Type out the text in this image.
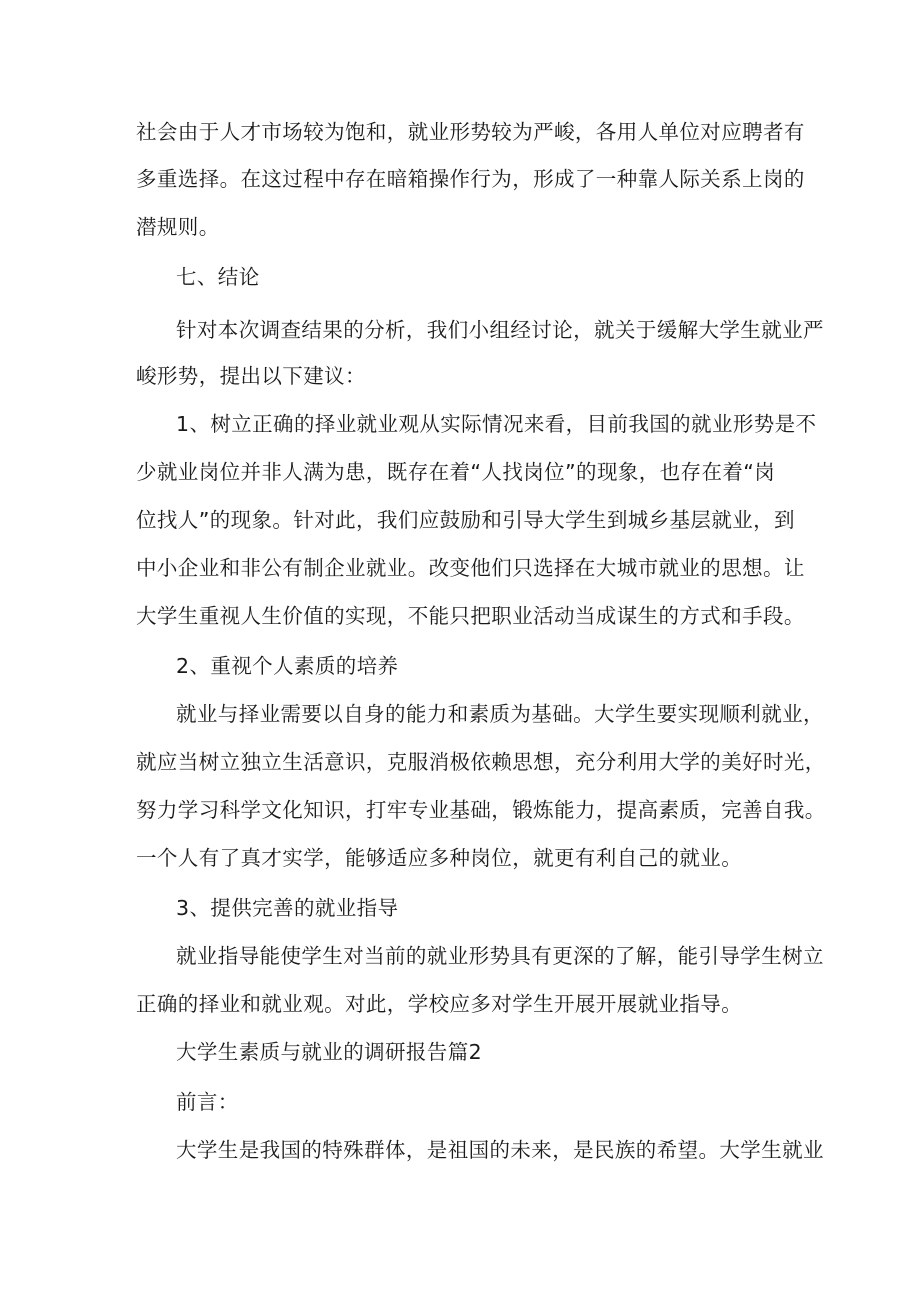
社会由于人才市场较为饱和，就业形势较为严峻，各用人单位对应聘者有
多重选择。在这过程中存在暗箱操作行为，形成了一种靠人际关系上岗的
潜规则。
七、结论
针对本次调查结果的分析，我们小组经讨论，就关于缓解大学生就业严
峻形势，提出以下建议：
1、树立正确的择业就业观从实际情况来看，目前我国的就业形势是不
少就业岗位并非人满为患，既存在着“人找岗位”的现象，也存在着“岗
位找人”的现象。针对此，我们应鼓励和引导大学生到城乡基层就业，到
中小企业和非公有制企业就业。改变他们只选择在大城市就业的思想。让
大学生重视人生价值的实现，不能只把职业活动当成谋生的方式和手段。
2、重视个人素质的培养
就业与择业需要以自身的能力和素质为基础。大学生要实现顺利就业，
就应当树立独立生活意识，克服消极依赖思想，充分利用大学的美好时光，
努力学习科学文化知识，打牢专业基础，锻炼能力，提高素质，完善自我。
一个人有了真才实学，能够适应多种岗位，就更有利自己的就业。
3、提供完善的就业指导
就业指导能使学生对当前的就业形势具有更深的了解，能引导学生树立
正确的择业和就业观。对此，学校应多对学生开展开展就业指导。
大学生素质与就业的调研报告篇2
前言：
大学生是我国的特殊群体，是祖国的未来，是民族的希望。大学生就业
